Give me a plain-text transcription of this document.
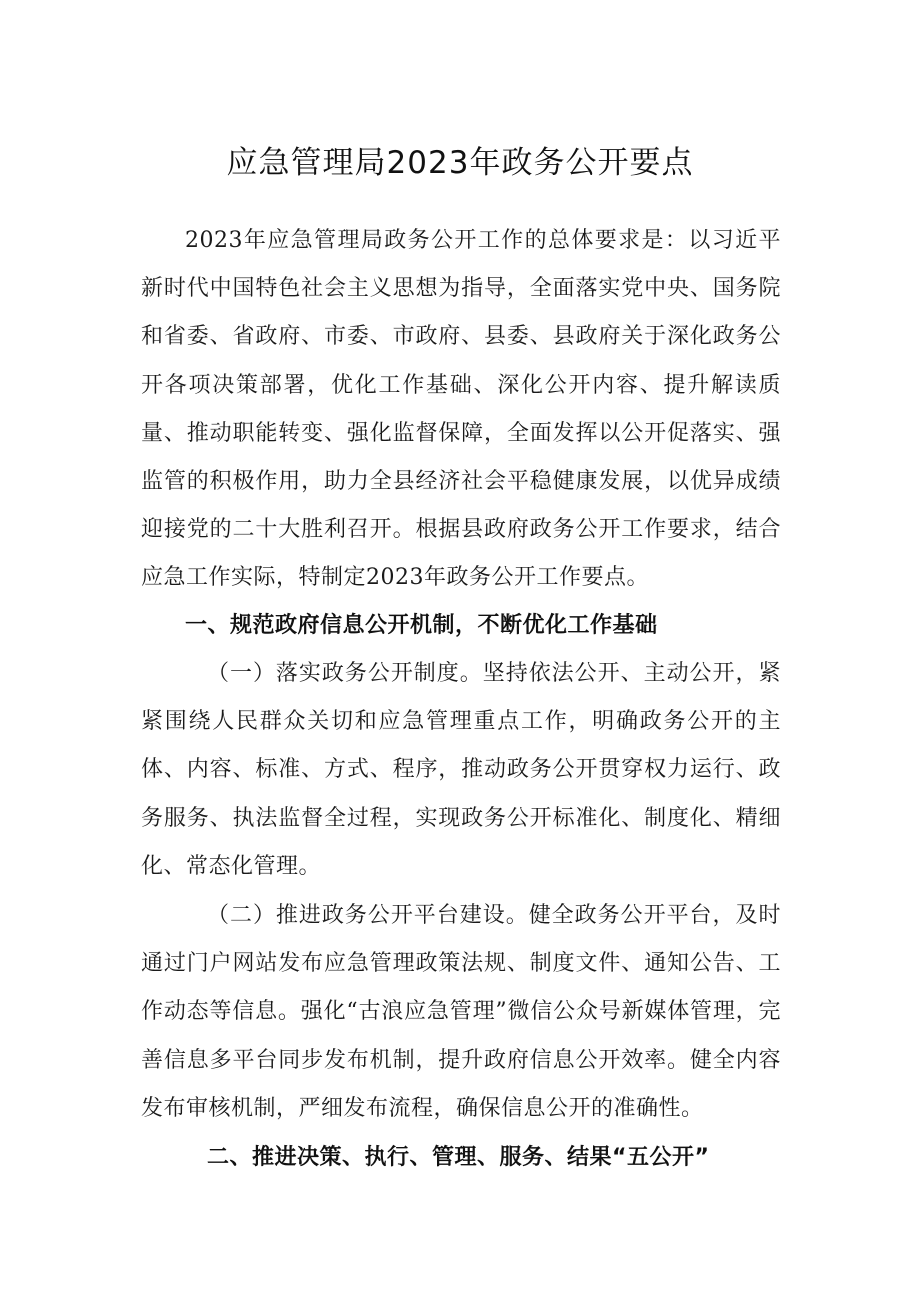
应急管理局2023年政务公开要点

2023年应急管理局政务公开工作的总体要求是：以习近平新时代中国特色社会主义思想为指导，全面落实党中央、国务院和省委、省政府、市委、市政府、县委、县政府关于深化政务公开各项决策部署，优化工作基础、深化公开内容、提升解读质量、推动职能转变、强化监督保障，全面发挥以公开促落实、强监管的积极作用，助力全县经济社会平稳健康发展，以优异成绩迎接党的二十大胜利召开。根据县政府政务公开工作要求，结合应急工作实际，特制定2023年政务公开工作要点。

一、规范政府信息公开机制，不断优化工作基础

（一）落实政务公开制度。坚持依法公开、主动公开，紧紧围绕人民群众关切和应急管理重点工作，明确政务公开的主体、内容、标准、方式、程序，推动政务公开贯穿权力运行、政务服务、执法监督全过程，实现政务公开标准化、制度化、精细化、常态化管理。

（二）推进政务公开平台建设。健全政务公开平台，及时通过门户网站发布应急管理政策法规、制度文件、通知公告、工作动态等信息。强化“古浪应急管理”微信公众号新媒体管理，完善信息多平台同步发布机制，提升政府信息公开效率。健全内容发布审核机制，严细发布流程，确保信息公开的准确性。

二、推进决策、执行、管理、服务、结果“五公开”
